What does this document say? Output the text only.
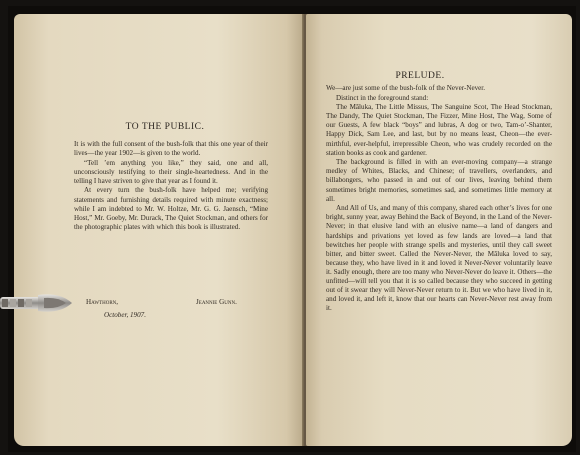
TO THE PUBLIC.

It is with the full consent of the bush-folk that this one year of their lives—the year 1902—is given to the world.

“Tell ’em anything you like,” they said, one and all, unconsciously testifying to their single-heartedness. And in the telling I have striven to give that year as I found it.

At every turn the bush-folk have helped me; verifying statements and furnishing details required with minute exactness; while I am indebted to Mr. W. Holtze, Mr. G. G. Jaensch, “Mine Host,” Mr. Goeby, Mr. Durack, The Quiet Stockman, and others for the photographic plates with which this book is illustrated.

Hawthorn,	Jeannie Gunn.
October, 1907.
PRELUDE.

We—are just some of the bush-folk of the Never-Never.

Distinct in the foreground stand:

The Măluka, The Little Missus, The Sanguine Scot, The Head Stockman, The Dandy, The Quiet Stockman, The Fizzer, Mine Host, The Wag, Some of our Guests, A few black “boys” and lubras, A dog or two, Tam-o’-Shanter, Happy Dick, Sam Lee, and last, but by no means least, Cheon—the ever-mirthful, ever-helpful, irrepressible Cheon, who was crudely recorded on the station books as cook and gardener.

The background is filled in with an ever-moving company—a strange medley of Whites, Blacks, and Chinese; of travellers, overlanders, and billabongers, who passed in and out of our lives, leaving behind them sometimes bright memories, sometimes sad, and sometimes little memory at all.

And All of Us, and many of this company, shared each other’s lives for one bright, sunny year, away Behind the Back of Beyond, in the Land of the Never-Never; in that elusive land with an elusive name—a land of dangers and hardships and privations yet loved as few lands are loved—a land that bewitches her people with strange spells and mysteries, until they call sweet bitter, and bitter sweet. Called the Never-Never, the Măluka loved to say, because they, who have lived in it and loved it Never-Never voluntarily leave it. Sadly enough, there are too many who Never-Never do leave it. Others—the unfitted—will tell you that it is so called because they who succeed in getting out of it swear they will Never-Never return to it. But we who have lived in it, and loved it, and left it, know that our hearts can Never-Never rest away from it.
